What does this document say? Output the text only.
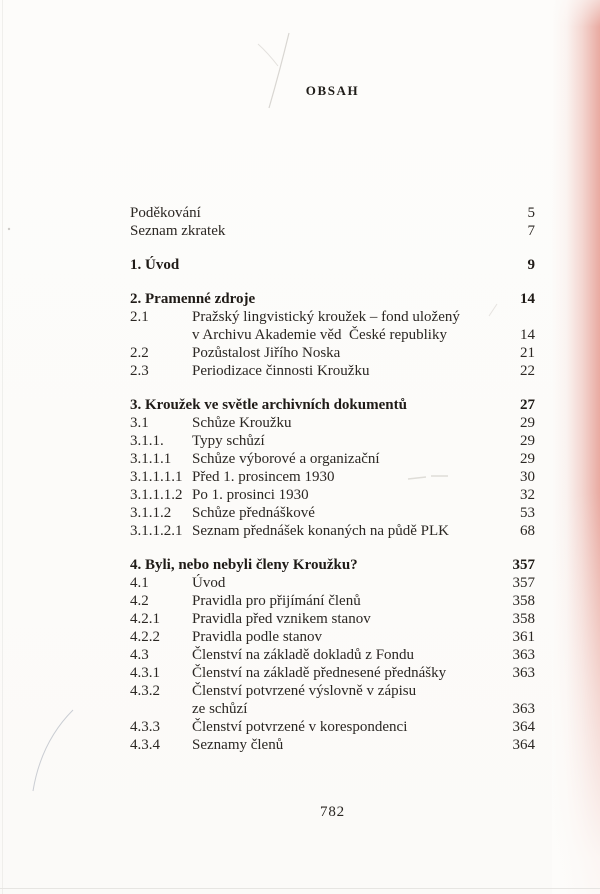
OBSAH
Poděkování	5
Seznam zkratek	7
1. Úvod	9
2. Pramenné zdroje	14
2.1	Pražský lingvistický kroužek – fond uložený
v Archivu Akademie věd  České republiky	14
2.2	Pozůstalost Jiřího Noska	21
2.3	Periodizace činnosti Kroužku	22
3. Kroužek ve světle archivních dokumentů	27
3.1	Schůze Kroužku	29
3.1.1.	Typy schůzí	29
3.1.1.1	Schůze výborové a organizační	29
3.1.1.1.1 Před 1. prosincem 1930	30
3.1.1.1.2 Po 1. prosinci 1930	32
3.1.1.2	Schůze přednáškové	53
3.1.1.2.1 Seznam přednášek konaných na půdě PLK	68
4. Byli, nebo nebyli členy Kroužku?	357
4.1	Úvod	357
4.2	Pravidla pro přijímání členů	358
4.2.1	Pravidla před vznikem stanov	358
4.2.2	Pravidla podle stanov	361
4.3	Členství na základě dokladů z Fondu	363
4.3.1	Členství na základě přednesené přednášky	363
4.3.2	Členství potvrzené výslovně v zápisu
ze schůzí	363
4.3.3	Členství potvrzené v korespondenci	364
4.3.4	Seznamy členů	364
782
